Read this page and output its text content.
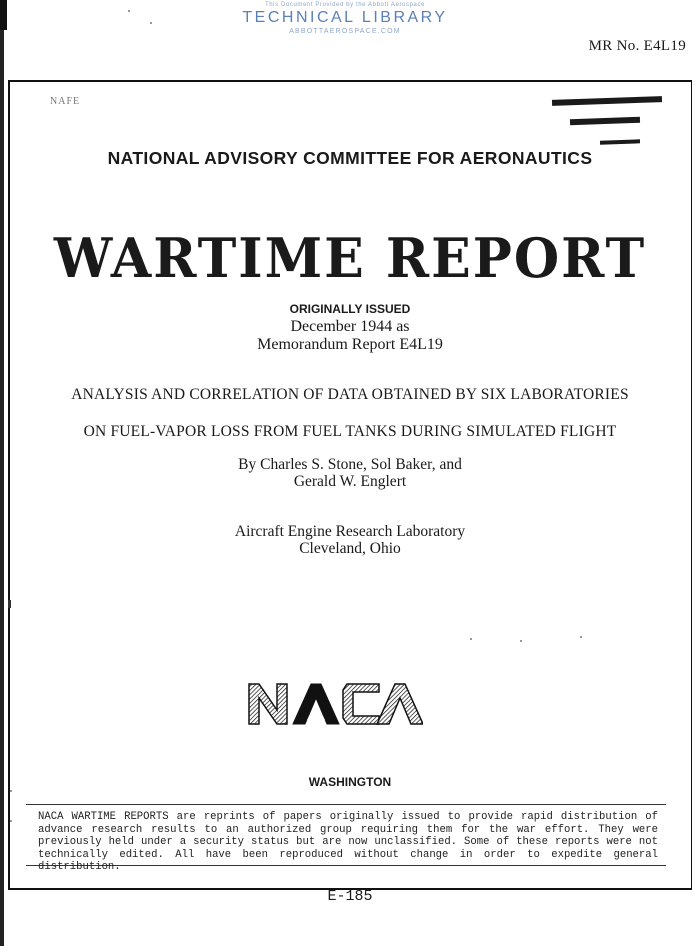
This Document Provided by the Abbott Aerospace
TECHNICAL LIBRARY
ABBOTTAEROSPACE.COM
MR No. E4L19
NAFE
NATIONAL ADVISORY COMMITTEE FOR AERONAUTICS
WARTIME REPORT
ORIGINALLY ISSUED
December 1944 as
Memorandum Report E4L19
ANALYSIS AND CORRELATION OF DATA OBTAINED BY SIX LABORATORIES
ON FUEL-VAPOR LOSS FROM FUEL TANKS DURING SIMULATED FLIGHT
By Charles S. Stone, Sol Baker, and
Gerald W. Englert
Aircraft Engine Research Laboratory
Cleveland, Ohio
WASHINGTON
NACA WARTIME REPORTS are reprints of papers originally issued to provide rapid distribution of advance research results to an authorized group requiring them for the war effort. They were previously held under a security status but are now unclassified. Some of these reports were not technically edited. All have been reproduced without change in order to expedite general distribution.
E-185
